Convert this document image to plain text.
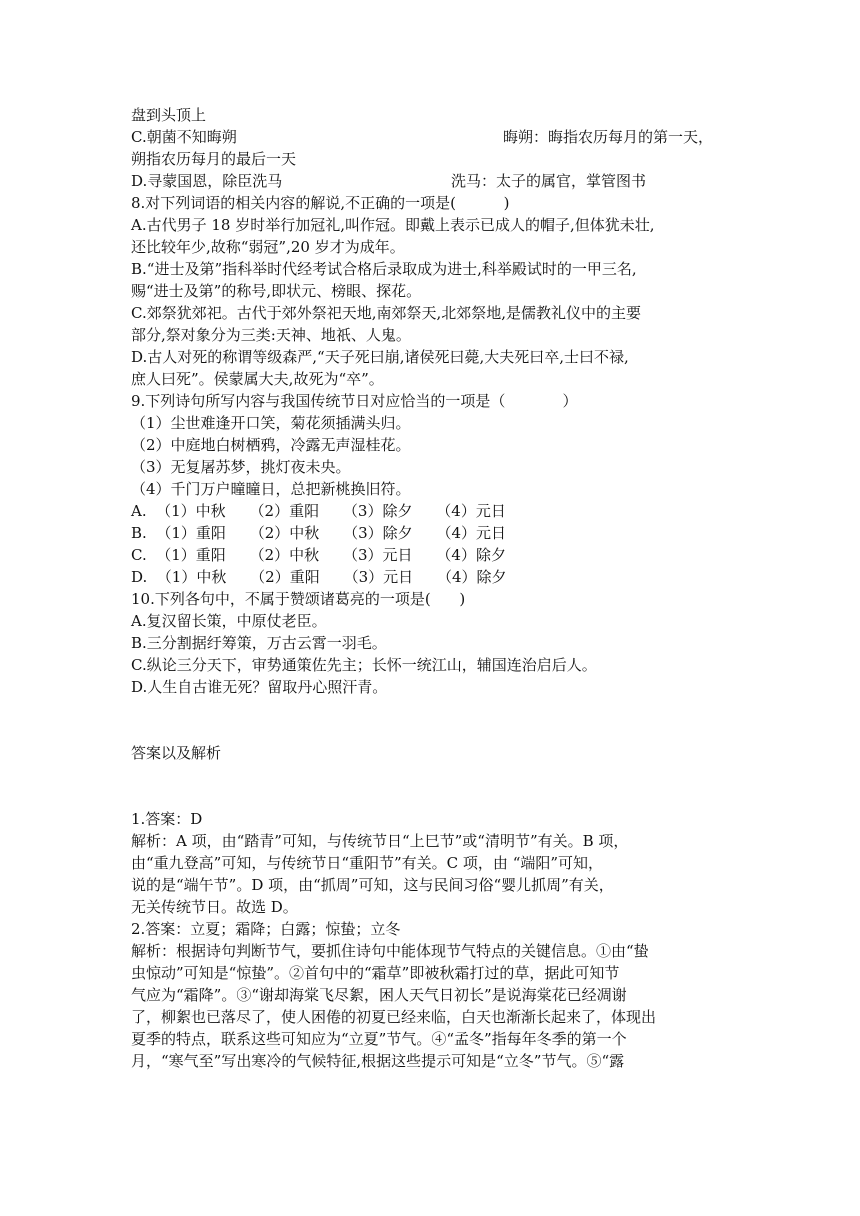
盘到头顶上
C.朝菌不知晦朔	晦朔：晦指农历每月的第一天，
朔指农历每月的最后一天
D.寻蒙国恩，除臣洗马	洗马：太子的属官，掌管图书
8.对下列词语的相关内容的解说,不正确的一项是(          )
A.古代男子 18 岁时举行加冠礼,叫作冠。即戴上表示已成人的帽子,但体犹未壮,
还比较年少,故称“弱冠”,20 岁才为成年。
B.“进士及第”指科举时代经考试合格后录取成为进士,科举殿试时的一甲三名,
赐“进士及第”的称号,即状元、榜眼、探花。
C.郊祭犹郊祀。古代于郊外祭祀天地,南郊祭天,北郊祭地,是儒教礼仪中的主要
部分,祭对象分为三类:天神、地祇、人鬼。
D.古人对死的称谓等级森严,“天子死曰崩,诸侯死曰薨,大夫死曰卒,士曰不禄,
庶人曰死”。侯蒙属大夫,故死为“卒”。
9.下列诗句所写内容与我国传统节日对应恰当的一项是（            ）
（1）尘世难逢开口笑，菊花须插满头归。
（2）中庭地白树栖鸦，冷露无声湿桂花。
（3）无复屠苏梦，挑灯夜未央。
（4）千门万户曈曈日，总把新桃换旧符。
A.  （1）中秋     （2）重阳     （3）除夕     （4）元日
B.  （1）重阳     （2）中秋     （3）除夕     （4）元日
C.  （1）重阳     （2）中秋     （3）元日     （4）除夕
D.  （1）中秋     （2）重阳     （3）元日     （4）除夕
10.下列各句中，不属于赞颂诸葛亮的一项是(      )
A.复汉留长策，中原仗老臣。
B.三分割据纡筹策，万古云霄一羽毛。
C.纵论三分天下，审势通策佐先主；长怀一统江山，辅国连治启后人。
D.人生自古谁无死？留取丹心照汗青。
答案以及解析
1.答案：D
解析：A 项，由“踏青”可知，与传统节日“上巳节”或“清明节”有关。B 项，
由“重九登高”可知，与传统节日“重阳节”有关。C 项，由 “端阳”可知，
说的是“端午节”。D 项，由“抓周”可知，这与民间习俗“婴儿抓周”有关，
无关传统节日。故选 D。
2.答案：立夏；霜降；白露；惊蛰；立冬
解析：根据诗句判断节气，要抓住诗句中能体现节气特点的关键信息。①由“蛰
虫惊动”可知是“惊蛰”。②首句中的“霜草”即被秋霜打过的草，据此可知节
气应为“霜降”。③“谢却海棠飞尽絮，困人天气日初长”是说海棠花已经凋谢
了，柳絮也已落尽了，使人困倦的初夏已经来临，白天也渐渐长起来了，体现出
夏季的特点，联系这些可知应为“立夏”节气。④“孟冬”指每年冬季的第一个
月，“寒气至”写出寒冷的气候特征,根据这些提示可知是“立冬”节气。⑤“露
